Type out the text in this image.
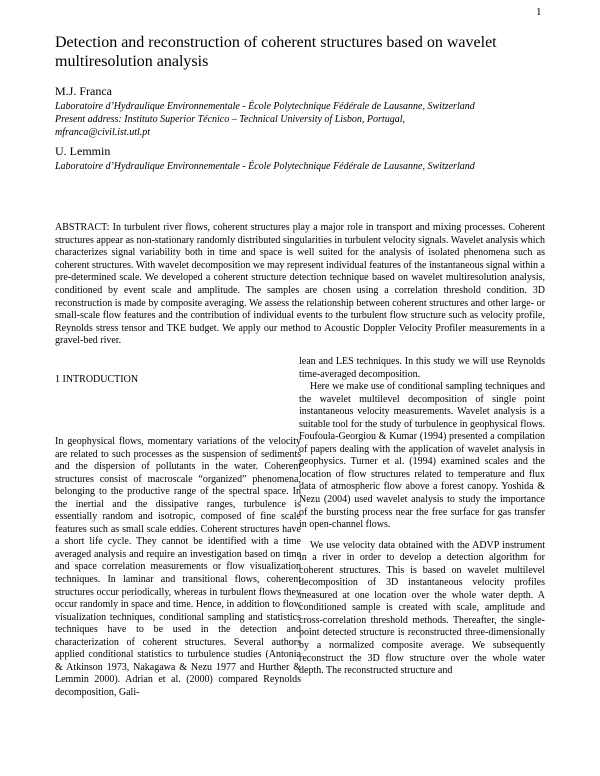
1
Detection and reconstruction of coherent structures based on wavelet multiresolution analysis
M.J. Franca
Laboratoire d’Hydraulique Environnementale - École Polytechnique Fédérale de Lausanne, Switzerland
Present address: Instituto Superior Técnico – Technical University of Lisbon, Portugal,
mfranca@civil.ist.utl.pt
U. Lemmin
Laboratoire d’Hydraulique Environnementale - École Polytechnique Fédérale de Lausanne, Switzerland
ABSTRACT: In turbulent river flows, coherent structures play a major role in transport and mixing processes. Coherent structures appear as non-stationary randomly distributed singularities in turbulent velocity signals. Wavelet analysis which characterizes signal variability both in time and space is well suited for the analysis of isolated phenomena such as coherent structures. With wavelet decomposition we may represent individual features of the instantaneous signal within a pre-determined scale. We developed a coherent structure detection technique based on wavelet multiresolution analysis, conditioned by event scale and amplitude. The samples are chosen using a correlation threshold condition. 3D reconstruction is made by composite averaging. We assess the relationship between coherent structures and other large- or small-scale flow features and the contribution of individual events to the turbulent flow structure such as velocity profile, Reynolds stress tensor and TKE budget. We apply our method to Acoustic Doppler Velocity Profiler measurements in a gravel-bed river.
1 INTRODUCTION

In geophysical flows, momentary variations of the velocity are related to such processes as the suspension of sediments and the dispersion of pollutants in the water. Coherent structures consist of macroscale “organized” phenomena, belonging to the productive range of the spectral space. In the inertial and the dissipative ranges, turbulence is essentially random and isotropic, composed of fine scale features such as small scale eddies. Coherent structures have a short life cycle. They cannot be identified with a time averaged analysis and require an investigation based on time and space correlation measurements or flow visualization techniques. In laminar and transitional flows, coherent structures occur periodically, whereas in turbulent flows they occur randomly in space and time. Hence, in addition to flow visualization techniques, conditional sampling and statistics techniques have to be used in the detection and characterization of coherent structures. Several authors applied conditional statistics to turbulence studies (Antonia & Atkinson 1973, Nakagawa & Nezu 1977 and Hurther & Lemmin 2000). Adrian et al. (2000) compared Reynolds decomposition, Gali-

lean and LES techniques. In this study we will use Reynolds time-averaged decomposition.

Here we make use of conditional sampling techniques and the wavelet multilevel decomposition of single point instantaneous velocity measurements. Wavelet analysis is a suitable tool for the study of turbulence in geophysical flows. Foufoula-Georgiou & Kumar (1994) presented a compilation of papers dealing with the application of wavelet analysis in geophysics. Turner et al. (1994) examined scales and the location of flow structures related to temperature and flux data of atmospheric flow above a forest canopy. Yoshida & Nezu (2004) used wavelet analysis to study the importance of the bursting process near the free surface for gas transfer in open-channel flows.

We use velocity data obtained with the ADVP instrument in a river in order to develop a detection algorithm for coherent structures. This is based on wavelet multilevel decomposition of 3D instantaneous velocity profiles measured at one location over the whole water depth. A conditioned sample is created with scale, amplitude and cross-correlation threshold methods. Thereafter, the single-point detected structure is reconstructed three-dimensionally by a normalized composite average. We subsequently reconstruct the 3D flow structure over the whole water depth. The reconstructed structure and
